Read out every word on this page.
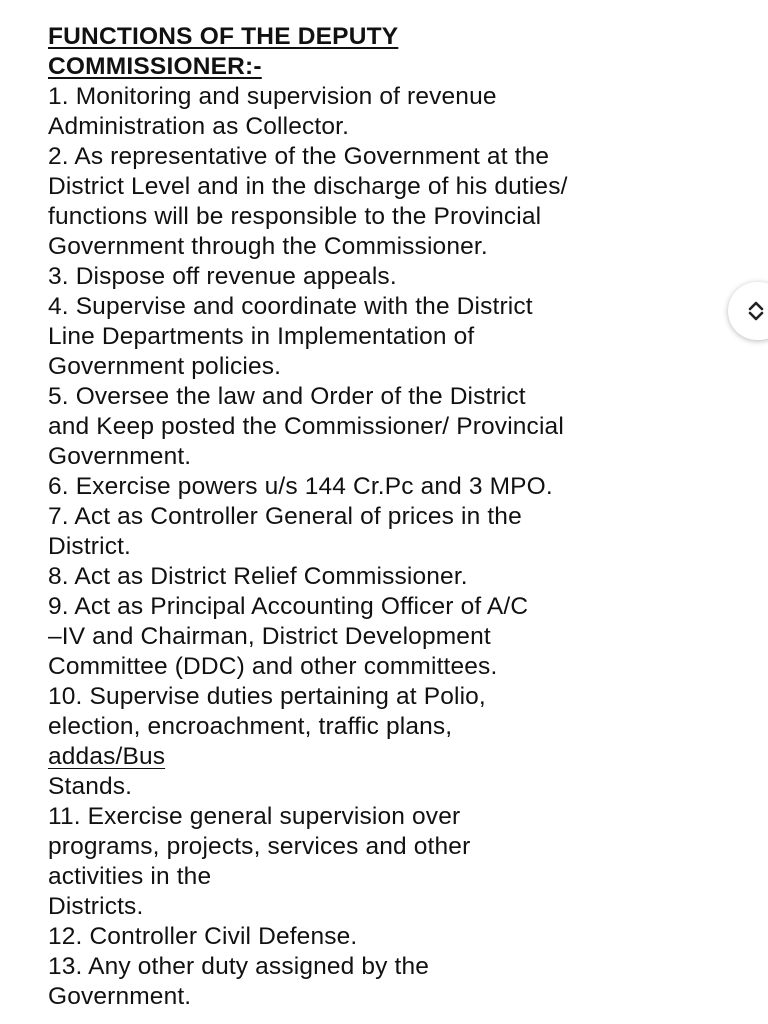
FUNCTIONS OF THE DEPUTY
COMMISSIONER:-
1. Monitoring and supervision of revenue
Administration as Collector.
2. As representative of the Government at the
District Level and in the discharge of his duties/
functions will be responsible to the Provincial
Government through the Commissioner.
3. Dispose off revenue appeals.
4. Supervise and coordinate with the District
Line Departments in Implementation of
Government policies.
5. Oversee the law and Order of the District
and Keep posted the Commissioner/ Provincial
Government.
6. Exercise powers u/s 144 Cr.Pc and 3 MPO.
7. Act as Controller General of prices in the
District.
8. Act as District Relief Commissioner.
9. Act as Principal Accounting Officer of A/C
–IV and Chairman, District Development
Committee (DDC) and other committees.
10. Supervise duties pertaining at Polio,
election, encroachment, traffic plans,
addas/Bus
Stands.
11. Exercise general supervision over
programs, projects, services and other
activities in the
Districts.
12. Controller Civil Defense.
13. Any other duty assigned by the
Government.
